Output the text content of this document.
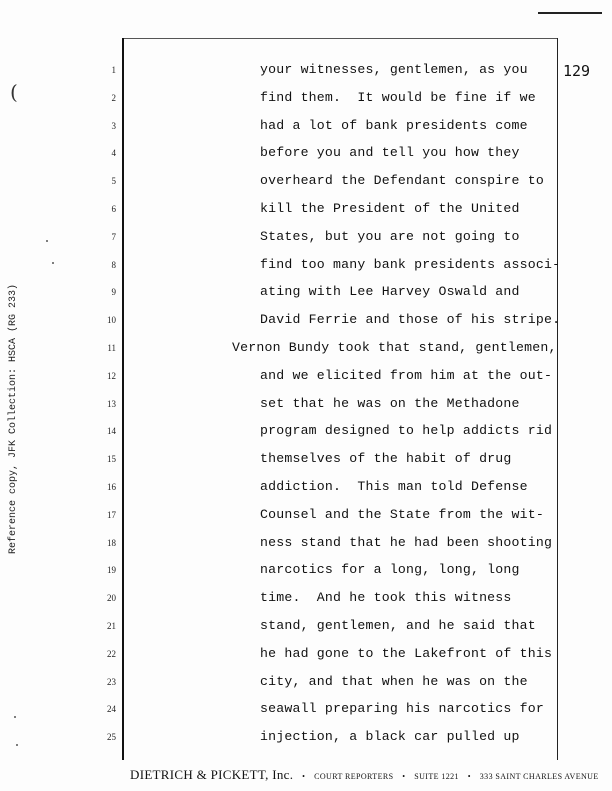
(
129
1
2
3
4
5
6
7
8
9
10
11
12
13
14
15
16
17
18
19
20
21
22
23
24
25
your witnesses, gentlemen, as you
find them.  It would be fine if we
had a lot of bank presidents come
before you and tell you how they
overheard the Defendant conspire to
kill the President of the United
States, but you are not going to
find too many bank presidents associ-
ating with Lee Harvey Oswald and
David Ferrie and those of his stripe.
Vernon Bundy took that stand, gentlemen,
and we elicited from him at the out-
set that he was on the Methadone
program designed to help addicts rid
themselves of the habit of drug
addiction.  This man told Defense
Counsel and the State from the wit-
ness stand that he had been shooting
narcotics for a long, long, long
time.  And he took this witness
stand, gentlemen, and he said that
he had gone to the Lakefront of this
city, and that when he was on the
seawall preparing his narcotics for
injection, a black car pulled up
Reference copy, JFK Collection: HSCA (RG 233)
DIETRICH & PICKETT, Inc.   •   COURT REPORTERS   •   SUITE 1221   •   333 SAINT CHARLES AVENUE
